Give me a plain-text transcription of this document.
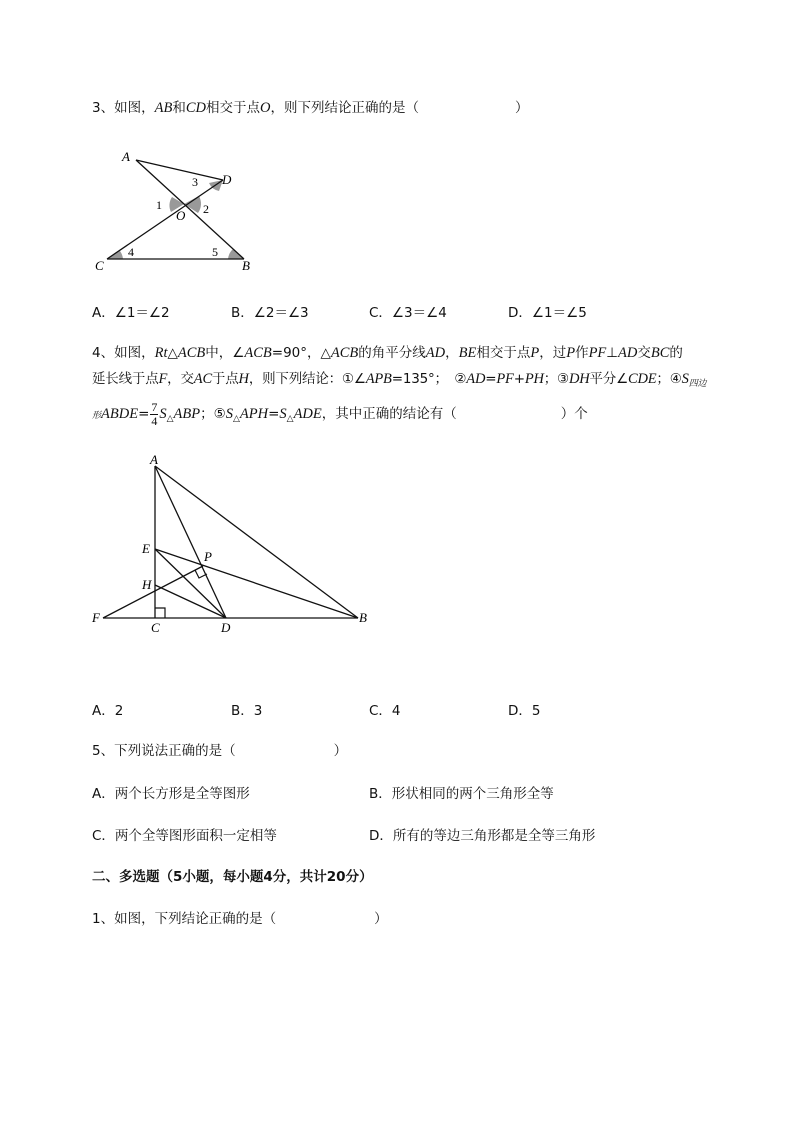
3、如图，AB和CD相交于点O，则下列结论正确的是（	）
A
D
3
1
O 2
4	5
C	B
A．∠1＝∠2	B．∠2＝∠3	C．∠3＝∠4	D．∠1＝∠5
4、如图，Rt△ACB中，∠ACB=90°，△ACB的角平分线AD，BE相交于点P，过P作PF⊥AD交BC的
延长线于点F，交AC于点H，则下列结论：①∠APB=135°；　②AD=PF+PH；③DH平分∠CDE；$④S_{四边}$
形ABDE= $\frac{7}{4} S_\triangle ABP$；$⑤S_\triangle APH=S_\triangle ADE$，其中正确的结论有（	）个
A
E
P
H
F
C	D
B
A．2	B．3	C．4	D．5
5、下列说法正确的是（	）
A．两个长方形是全等图形	B．形状相同的两个三角形全等
C．两个全等图形面积一定相等	D．所有的等边三角形都是全等三角形
二、多选题（5小题，每小题4分，共计20分）
1、如图，下列结论正确的是（	）
